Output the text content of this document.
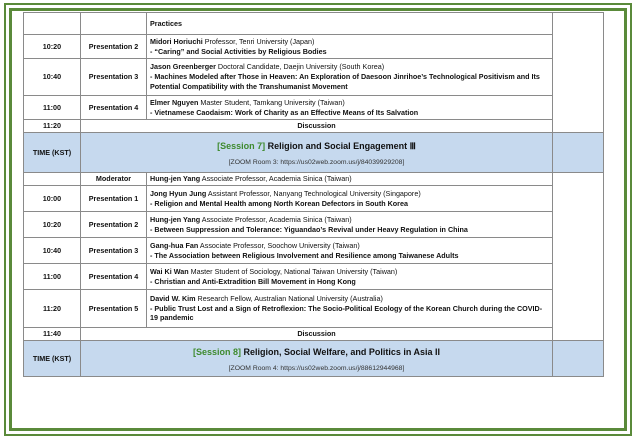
		Practices	
10:20	Presentation 2	Midori Horiuchi Professor, Tenri University (Japan)
- “Caring” and Social Activities by Religious Bodies	

10:40	Presentation 3	Jason Greenberger Doctoral Candidate, Daejin University (South Korea)
- Machines Modeled after Those in Heaven: An Exploration of Daesoon Jinrihoe’s Technological Positivism and Its Potential Compatibility with the Transhumanist Movement	

11:00	Presentation 4	Elmer Nguyen Master Student, Tamkang University (Taiwan)
- Vietnamese Caodaism: Work of Charity as an Effective Means of Its Salvation	

11:20	Discussion		
TIME (KST)	[Session 7] Religion and Social Engagement Ⅲ
[ZOOM Room 3: https://us02web.zoom.us/j/84039929208]		

	Moderator	Hung-jen Yang Associate Professor, Academia Sinica (Taiwan)	
10:00	Presentation 1	Jong Hyun Jung Assistant Professor, Nanyang Technological University (Singapore)
- Religion and Mental Health among North Korean Defectors in South Korea	

10:20	Presentation 2	Hung-jen Yang Associate Professor, Academia Sinica (Taiwan)
- Between Suppression and Tolerance: Yiguandao’s Revival under Heavy Regulation in China	

10:40	Presentation 3	Gang-hua Fan Associate Professor, Soochow University (Taiwan)
- The Association between Religious Involvement and Resilience among Taiwanese Adults	

11:00	Presentation 4	Wai Ki Wan Master Student of Sociology, National Taiwan University (Taiwan)
- Christian and Anti-Extradition Bill Movement in Hong Kong	

11:20	Presentation 5	David W. Kim Research Fellow, Australian National University (Australia)
- Public Trust Lost and a Sign of Retroflexion: The Socio-Political Ecology of the Korean Church during the COVID-19 pandemic	

11:40	Discussion		
TIME (KST)	[Session 8] Religion, Social Welfare, and Politics in Asia II
[ZOOM Room 4: https://us02web.zoom.us/j/88612944968]		
